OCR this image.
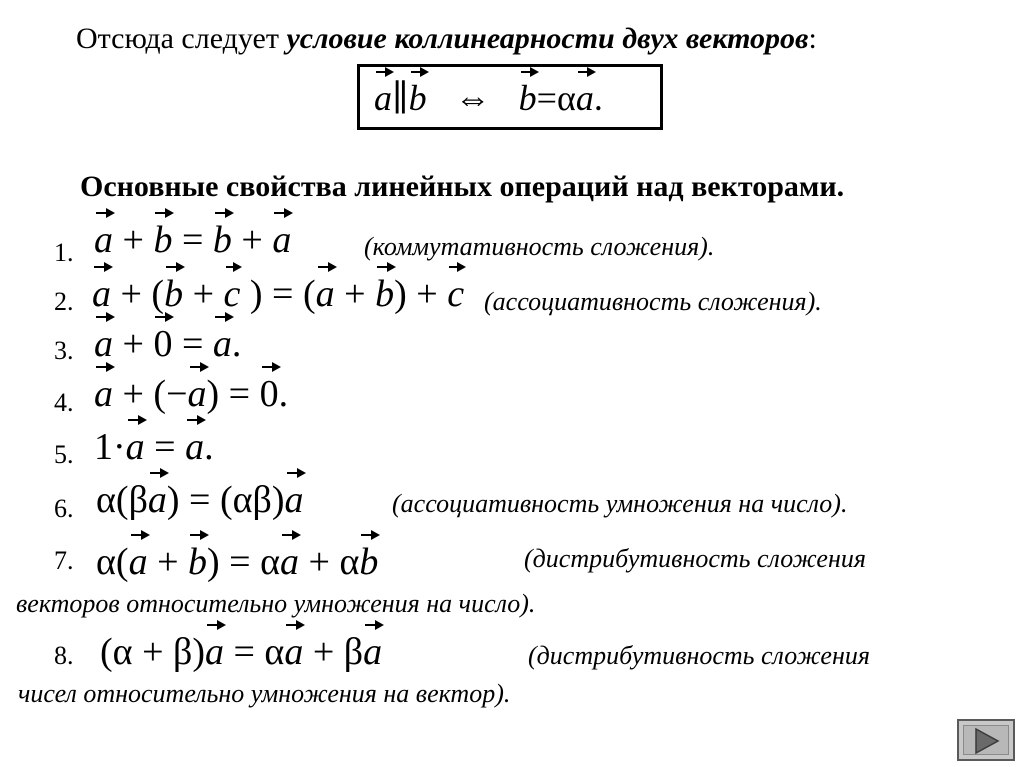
Отсюда следует условие коллинеарности двух векторов:
a∥b ⇔ b=αa.
Основные свойства линейных операций над векторами.
1. a + b = b + a	(коммутативность сложения).
2. a + (b + c ) = (a + b) + c (ассоциативность сложения).
3. a + 0 = a.
4. a + (−a) = 0.
5. 1·a = a.
6. α(βa) = (αβ)a	(ассоциативность умножения на число).
7. α(a + b) = αa + αb	(дистрибутивность сложения
векторов относительно умножения на число).
8. (α + β)a = αa + βa	(дистрибутивность сложения
чисел относительно умножения на вектор).
